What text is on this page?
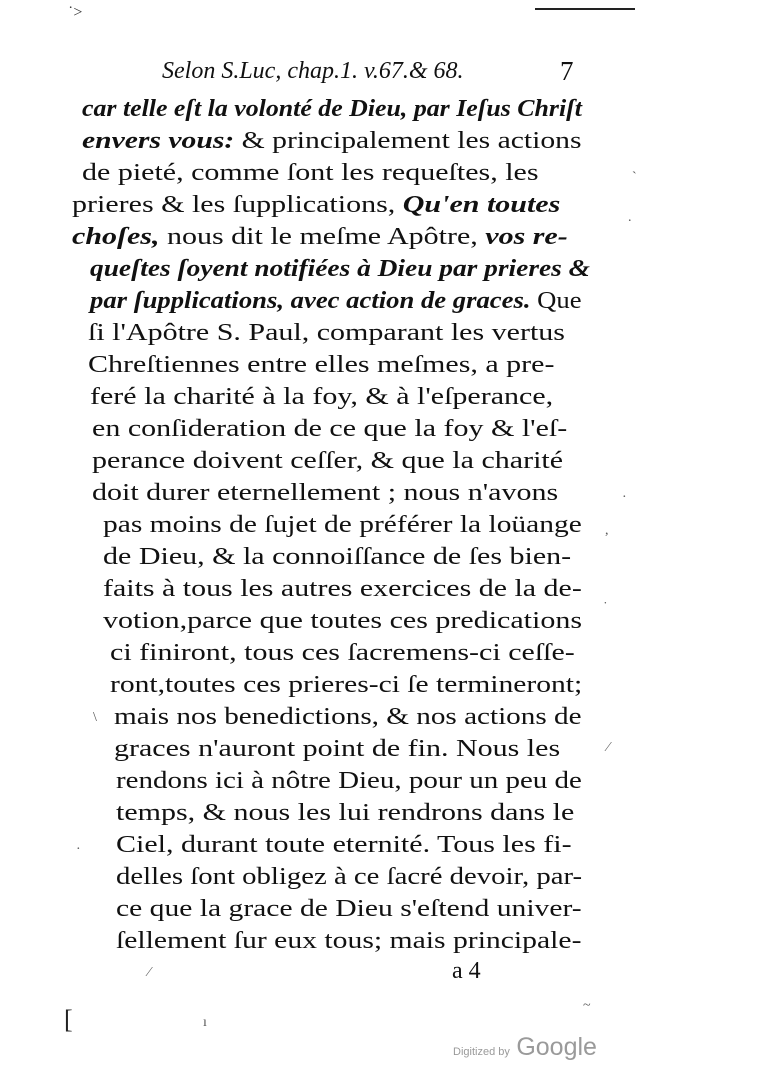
˙>
Selon S.Luc, chap.1. v.67.& 68.	7
car telle eſt la volonté de Dieu, par Ieſus Chriſt
envers vous: & principalement les actions
de pieté, comme ſont les requeſtes, les
prieres & les ſupplications, Qu'en toutes
choſes, nous dit le meſme Apôtre, vos re-
queſtes ſoyent notifiées à Dieu par prieres &
par ſupplications, avec action de graces. Que
ſi l'Apôtre S. Paul, comparant les vertus
Chreſtiennes entre elles meſmes, a pre-
feré la charité à la foy, & à l'eſperance,
en conſideration de ce que la foy & l'eſ-
perance doivent ceſſer, & que la charité
doit durer eternellement ; nous n'avons
pas moins de ſujet de préférer la loüange
de Dieu, & la connoiſſance de ſes bien-
faits à tous les autres exercices de la de-
votion,parce que toutes ces predications
ci finiront, tous ces ſacremens-ci ceſſe-
ront,toutes ces prieres-ci ſe termineront;
mais nos benedictions, & nos actions de
graces n'auront point de fin. Nous les
rendons ici à nôtre Dieu, pour un peu de
temps, & nous les lui rendrons dans le
Ciel, durant toute eternité. Tous les fi-
delles ſont obligez à ce ſacré devoir, par-
ce que la grace de Dieu s'eſtend univer-
ſellement ſur eux tous; mais principale-
a 4
`
.
·
,
˙
\
⁄
·
⁄
~
ı
[
Digitized by Google
